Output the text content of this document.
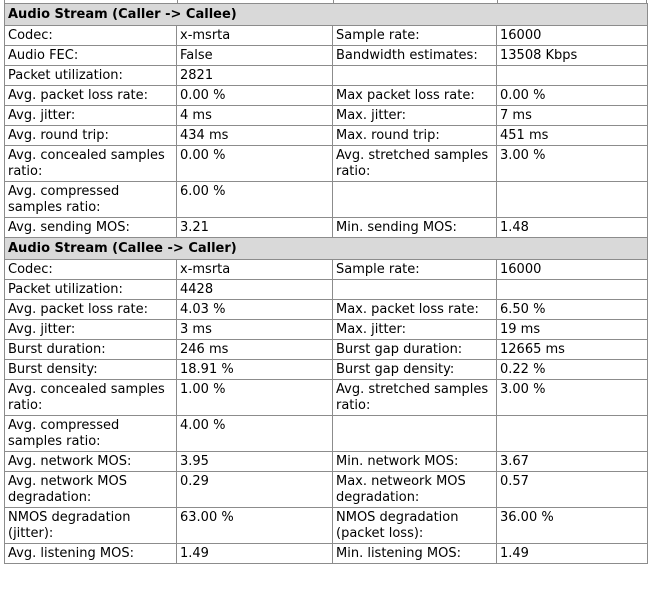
Audio Stream (Caller -> Callee)			
Codec:	x-msrta	Sample rate:	16000
Audio FEC:	False	Bandwidth estimates:	13508 Kbps
Packet utilization:	2821		
Avg. packet loss rate:	0.00 %	Max packet loss rate:	0.00 %
Avg. jitter:	4 ms	Max. jitter:	7 ms
Avg. round trip:	434 ms	Max. round trip:	451 ms
Avg. concealed samples ratio:	0.00 %	Avg. stretched samples ratio:	3.00 %
Avg. compressed samples ratio:	6.00 %		
Avg. sending MOS:	3.21	Min. sending MOS:	1.48
Audio Stream (Callee -> Caller)			
Codec:	x-msrta	Sample rate:	16000
Packet utilization:	4428		
Avg. packet loss rate:	4.03 %	Max. packet loss rate:	6.50 %
Avg. jitter:	3 ms	Max. jitter:	19 ms
Burst duration:	246 ms	Burst gap duration:	12665 ms
Burst density:	18.91 %	Burst gap density:	0.22 %
Avg. concealed samples ratio:	1.00 %	Avg. stretched samples ratio:	3.00 %
Avg. compressed samples ratio:	4.00 %		
Avg. network MOS:	3.95	Min. network MOS:	3.67
Avg. network MOS degradation:	0.29	Max. netweork MOS degradation:	0.57
NMOS degradation (jitter):	63.00 %	NMOS degradation (packet loss):	36.00 %
Avg. listening MOS:	1.49	Min. listening MOS:	1.49
